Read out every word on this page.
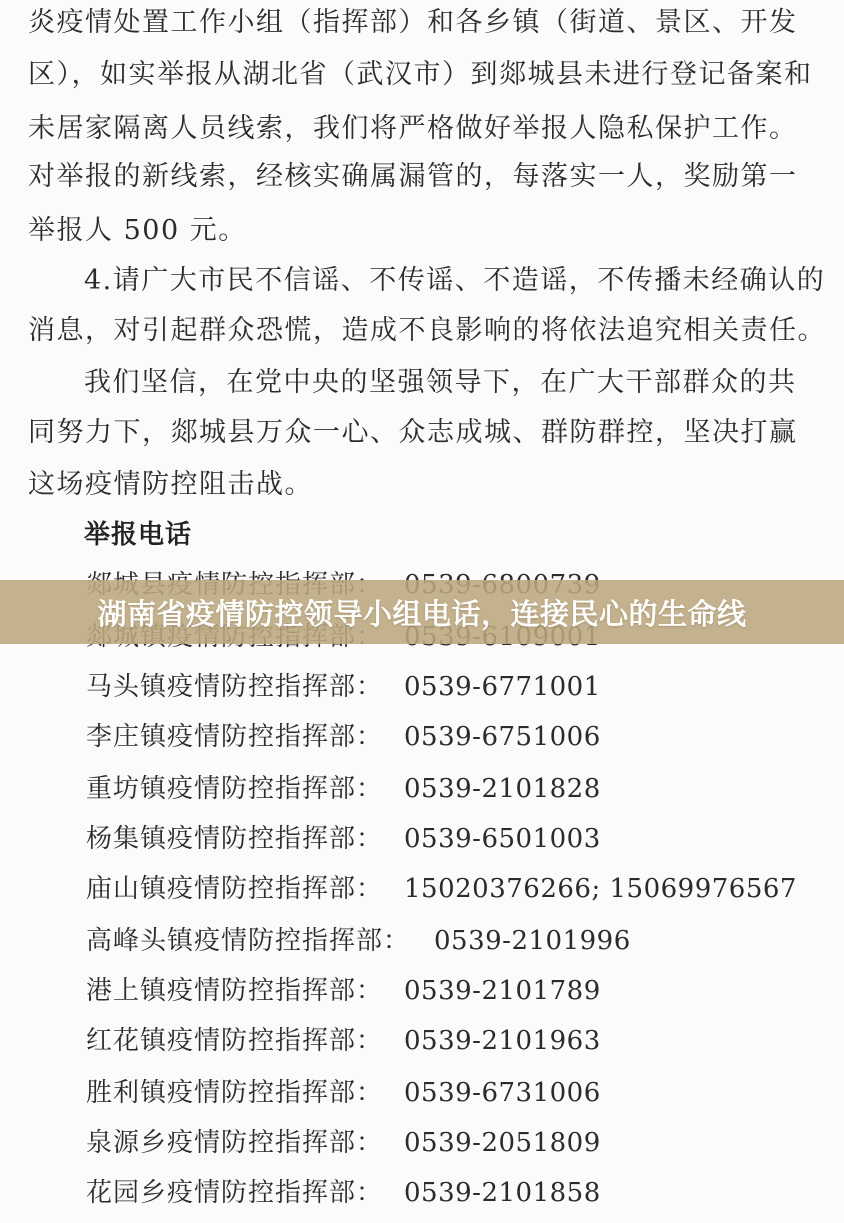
炎疫情处置工作小组（指挥部）和各乡镇（街道、景区、开发
区），如实举报从湖北省（武汉市）到郯城县未进行登记备案和
未居家隔离人员线索，我们将严格做好举报人隐私保护工作。
对举报的新线索，经核实确属漏管的，每落实一人，奖励第一
举报人 500 元。
4.请广大市民不信谣、不传谣、不造谣，不传播未经确认的
消息，对引起群众恐慌，造成不良影响的将依法追究相关责任。
我们坚信，在党中央的坚强领导下，在广大干部群众的共
同努力下，郯城县万众一心、众志成城、群防群控，坚决打赢
这场疫情防控阻击战。
举报电话
马头镇疫情防控指挥部： 0539-6771001
李庄镇疫情防控指挥部： 0539-6751006
重坊镇疫情防控指挥部： 0539-2101828
杨集镇疫情防控指挥部： 0539-6501003
庙山镇疫情防控指挥部： 15020376266; 15069976567
高峰头镇疫情防控指挥部： 0539-2101996
港上镇疫情防控指挥部： 0539-2101789
红花镇疫情防控指挥部： 0539-2101963
胜利镇疫情防控指挥部： 0539-6731006
泉源乡疫情防控指挥部： 0539-2051809
花园乡疫情防控指挥部： 0539-2101858
湖南省疫情防控领导小组电话，连接民心的生命线
